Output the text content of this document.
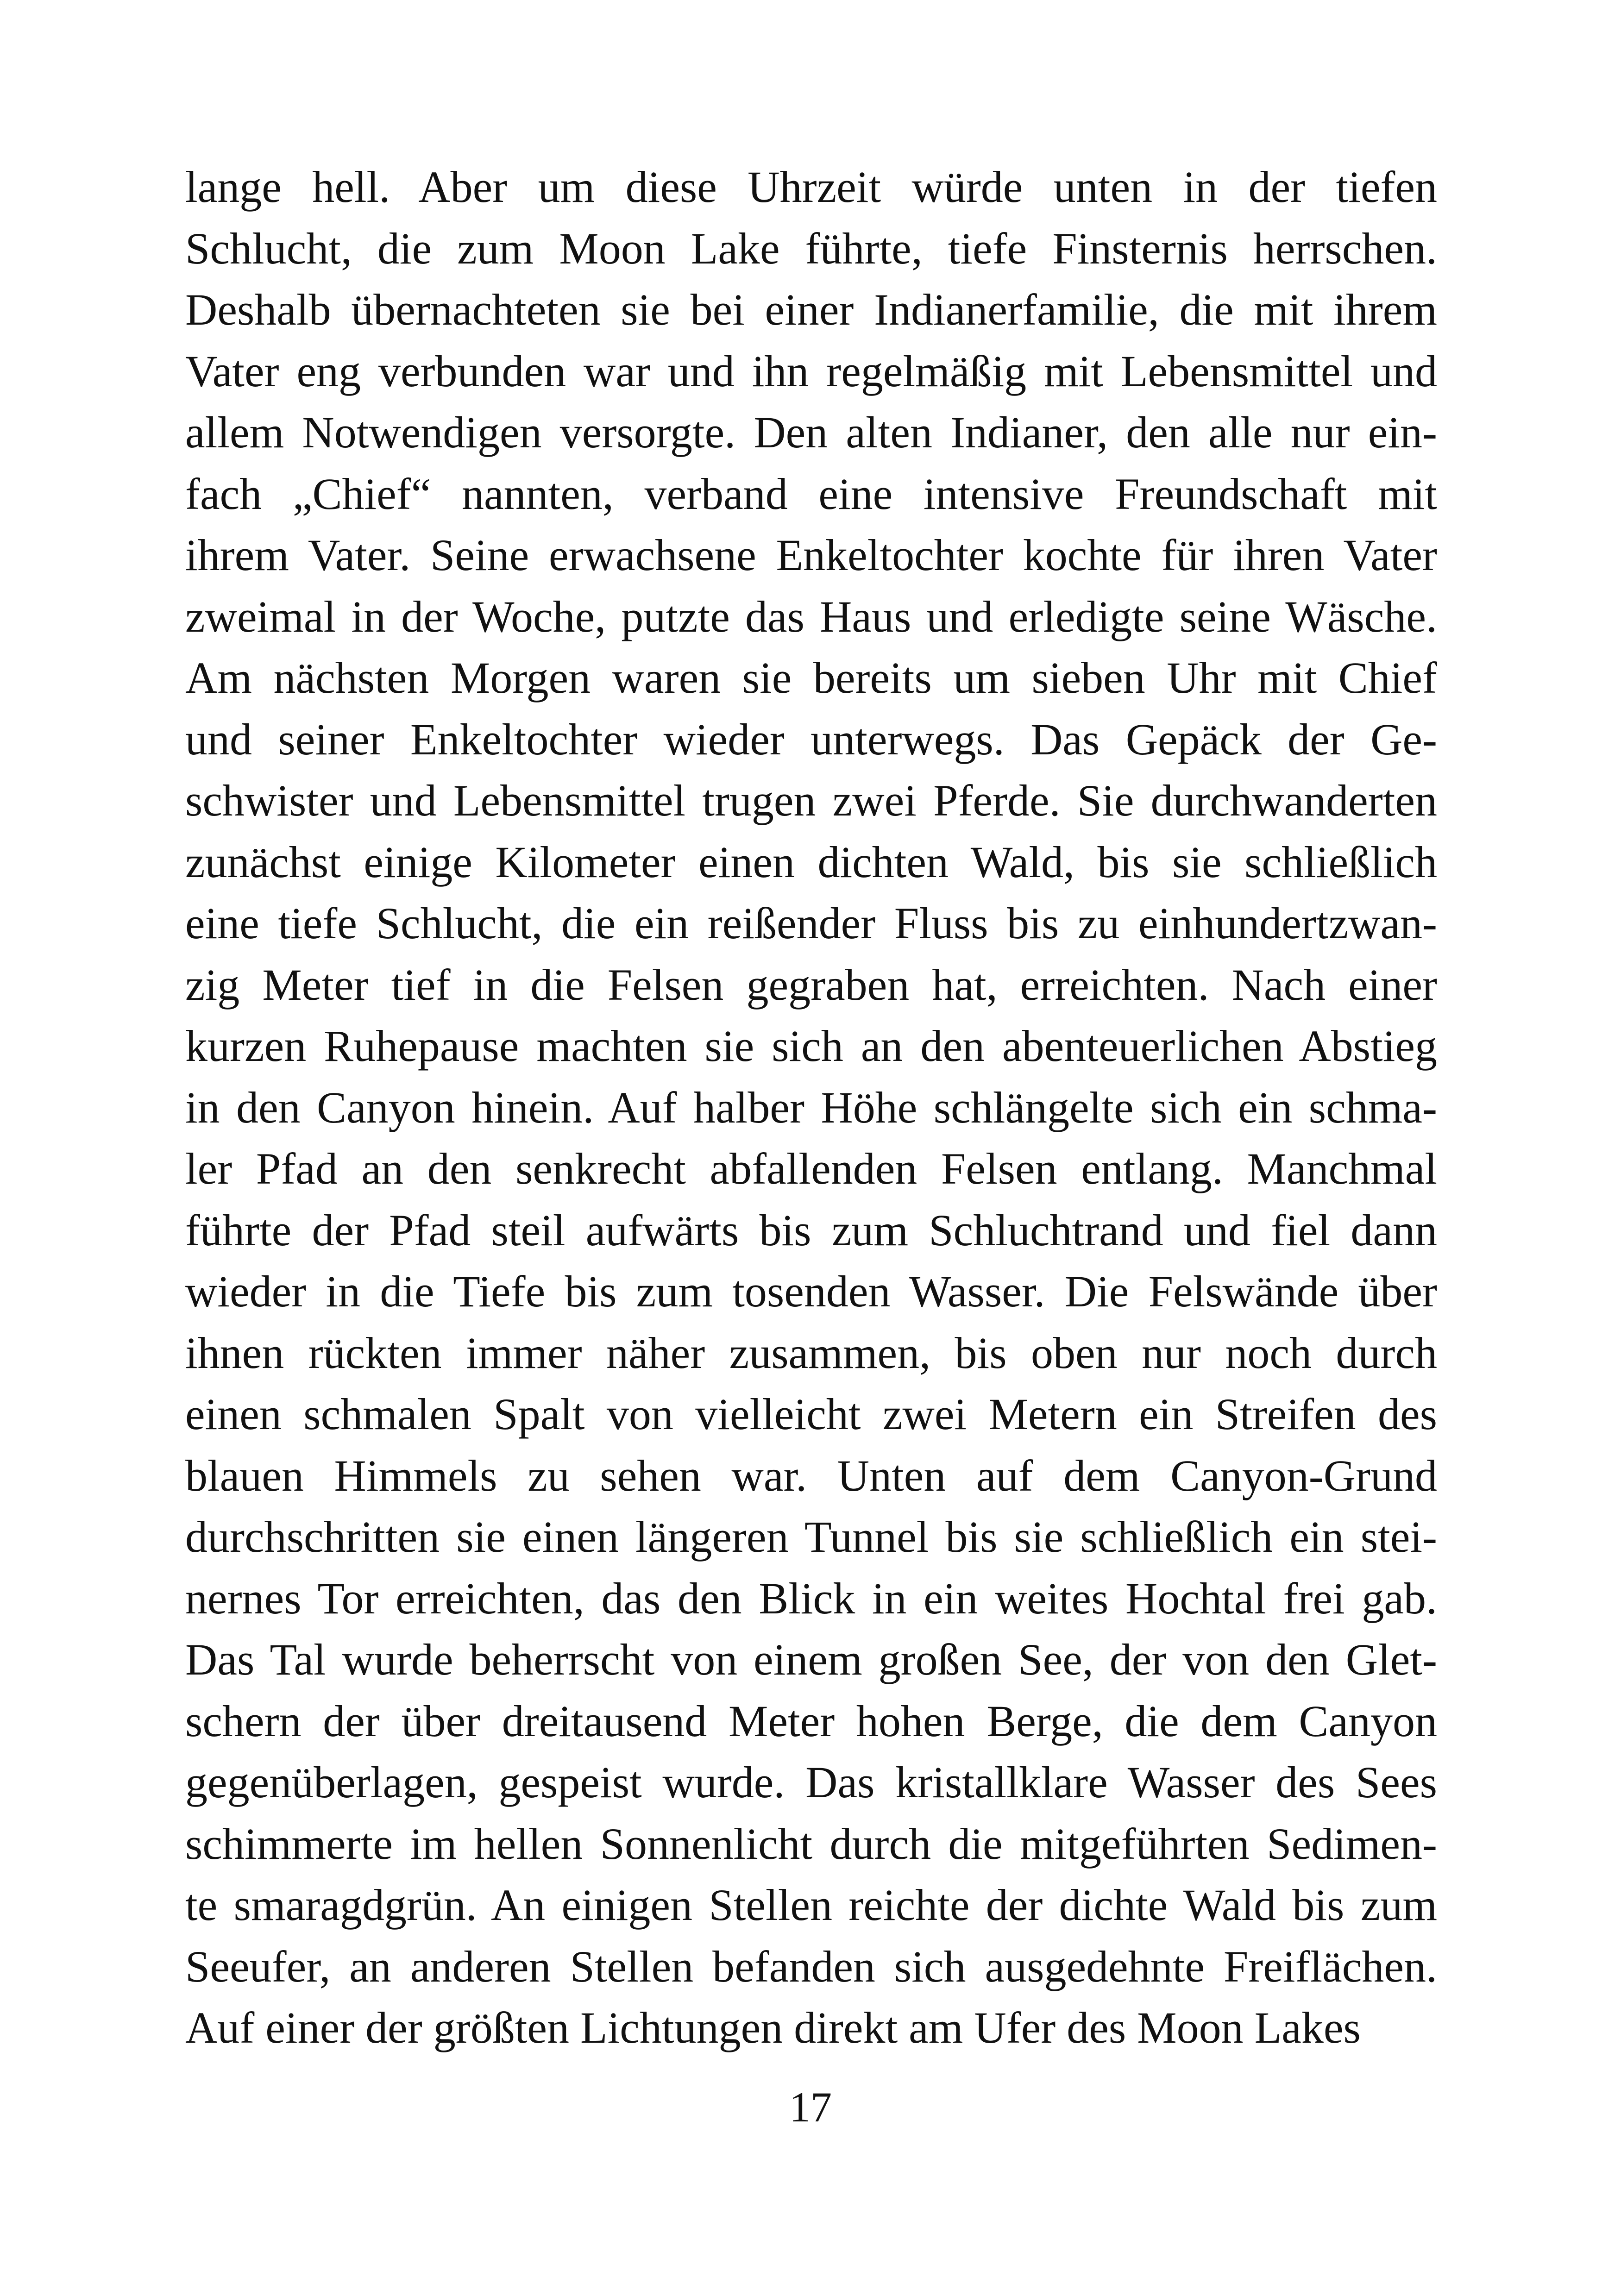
lange hell. Aber um diese Uhrzeit würde unten in der tiefen
Schlucht, die zum Moon Lake führte, tiefe Finsternis herrschen.
Deshalb übernachteten sie bei einer Indianerfamilie, die mit ihrem
Vater eng verbunden war und ihn regelmäßig mit Lebensmittel und
allem Notwendigen versorgte. Den alten Indianer, den alle nur ein-
fach „Chief“ nannten, verband eine intensive Freundschaft mit
ihrem Vater. Seine erwachsene Enkeltochter kochte für ihren Vater
zweimal in der Woche, putzte das Haus und erledigte seine Wäsche.
Am nächsten Morgen waren sie bereits um sieben Uhr mit Chief
und seiner Enkeltochter wieder unterwegs. Das Gepäck der Ge-
schwister und Lebensmittel trugen zwei Pferde. Sie durchwanderten
zunächst einige Kilometer einen dichten Wald, bis sie schließlich
eine tiefe Schlucht, die ein reißender Fluss bis zu einhundertzwan-
zig Meter tief in die Felsen gegraben hat, erreichten. Nach einer
kurzen Ruhepause machten sie sich an den abenteuerlichen Abstieg
in den Canyon hinein. Auf halber Höhe schlängelte sich ein schma-
ler Pfad an den senkrecht abfallenden Felsen entlang. Manchmal
führte der Pfad steil aufwärts bis zum Schluchtrand und fiel dann
wieder in die Tiefe bis zum tosenden Wasser. Die Felswände über
ihnen rückten immer näher zusammen, bis oben nur noch durch
einen schmalen Spalt von vielleicht zwei Metern ein Streifen des
blauen Himmels zu sehen war. Unten auf dem Canyon-Grund
durchschritten sie einen längeren Tunnel bis sie schließlich ein stei-
nernes Tor erreichten, das den Blick in ein weites Hochtal frei gab.
Das Tal wurde beherrscht von einem großen See, der von den Glet-
schern der über dreitausend Meter hohen Berge, die dem Canyon
gegenüberlagen, gespeist wurde. Das kristallklare Wasser des Sees
schimmerte im hellen Sonnenlicht durch die mitgeführten Sedimen-
te smaragdgrün. An einigen Stellen reichte der dichte Wald bis zum
Seeufer, an anderen Stellen befanden sich ausgedehnte Freiflächen.
Auf einer der größten Lichtungen direkt am Ufer des Moon Lakes
17
